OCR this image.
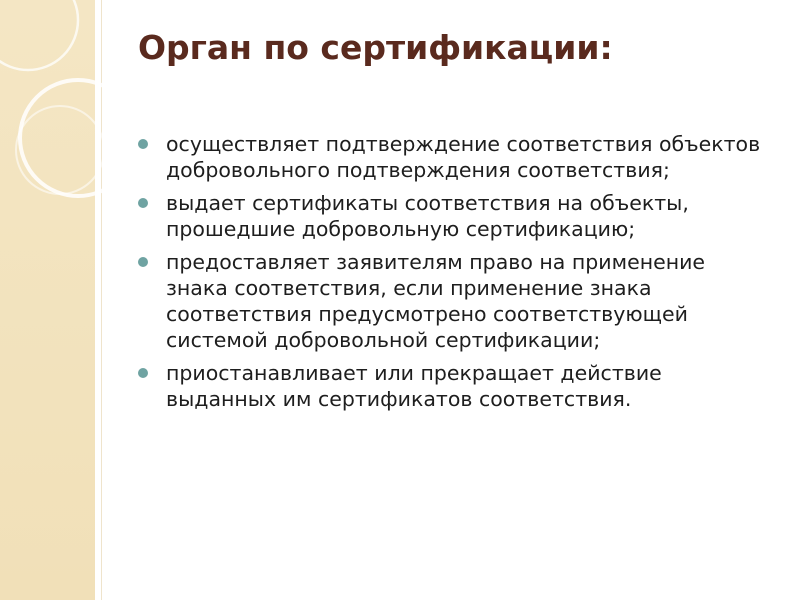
Орган по сертификации:
осуществляет подтверждение соответствия объектов добровольного подтверждения соответствия;
выдает сертификаты соответствия на объекты, прошедшие добровольную сертификацию;
предоставляет заявителям право на применение знака соответствия, если применение знака соответствия предусмотрено соответствующей системой добровольной сертификации;
приостанавливает или прекращает действие выданных им сертификатов соответствия.
